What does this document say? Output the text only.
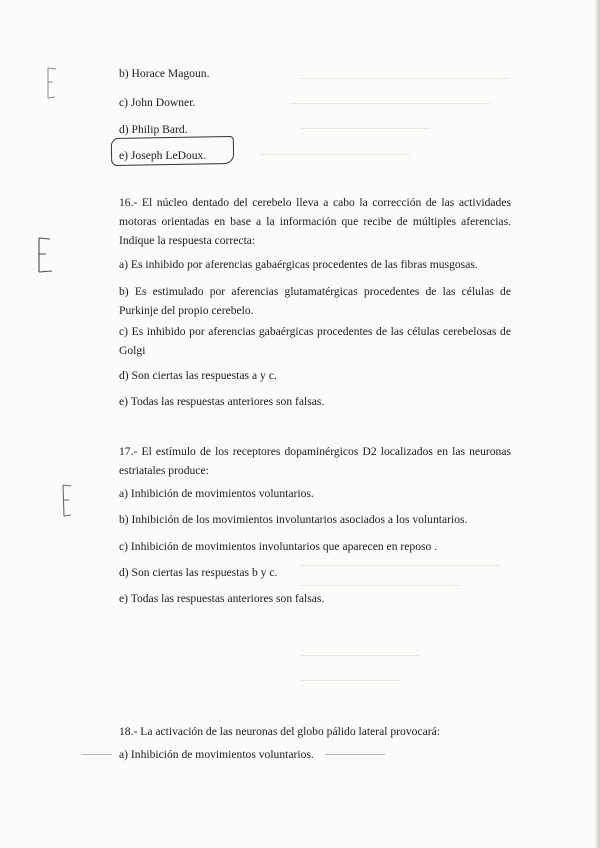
b) Horace Magoun.
c) John Downer.
d) Philip Bard.
e) Joseph LeDoux.
16.- El núcleo dentado del cerebelo lleva a cabo la corrección de las actividades motoras orientadas en base a la información que recibe de múltiples aferencias. Indique la respuesta correcta:
a) Es inhibido por aferencias gabaérgicas procedentes de las fibras musgosas.
b) Es estimulado por aferencias glutamatérgicas procedentes de las células de Purkinje del propio cerebelo.
c) Es inhibido por aferencias gabaérgicas procedentes de las células cerebelosas de Golgi
d) Son ciertas las respuestas a y c.
e) Todas las respuestas anteriores son falsas.
17.- El estímulo de los receptores dopaminérgicos D2 localizados en las neuronas estriatales produce:
a) Inhibición de movimientos voluntarios.
b) Inhibición de los movimientos involuntarios asociados a los voluntarios.
c) Inhibición de movimientos involuntarios que aparecen en reposo .
d) Son ciertas las respuestas b y c.
e) Todas las respuestas anteriores son falsas.
18.- La activación de las neuronas del globo pálido lateral provocará:
a) Inhibición de movimientos voluntarios.
